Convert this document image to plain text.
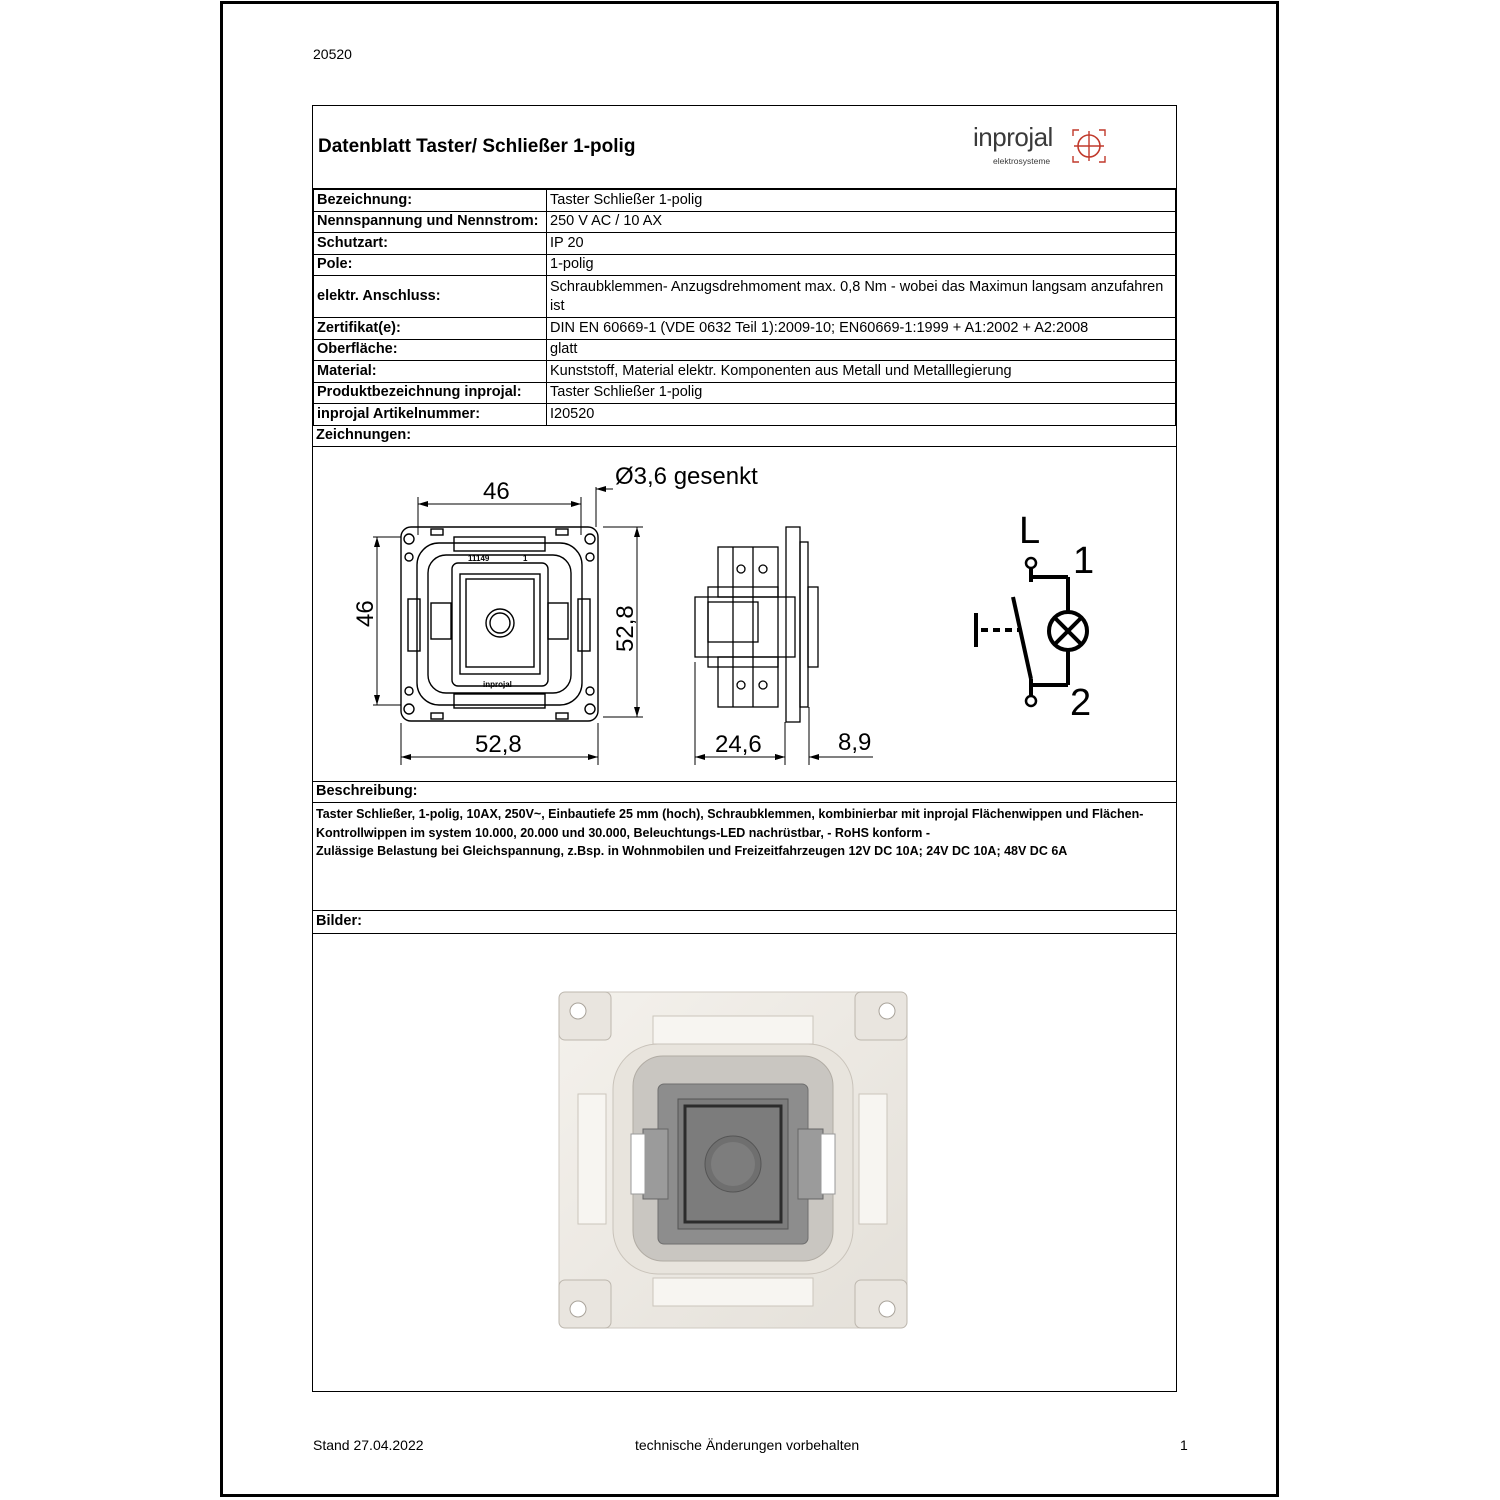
20520
Datenblatt Taster/ Schließer 1-polig	inprojal
elektrosysteme
Bezeichnung:	Taster Schließer 1-polig
Nennspannung und Nennstrom:	250 V AC / 10 AX
Schutzart:	IP 20
Pole:	1-polig
elektr. Anschluss:	Schraubklemmen- Anzugsdrehmoment max. 0,8 Nm - wobei das Maximun langsam anzufahren ist
Zertifikat(e):	DIN EN 60669-1 (VDE 0632 Teil 1):2009-10; EN60669-1:1999 + A1:2002 + A2:2008
Oberfläche:	glatt
Material:	Kunststoff, Material elektr. Komponenten aus Metall und Metalllegierung
Produktbezeichnung inprojal:	Taster Schließer 1-polig
inprojal Artikelnummer:	I20520
Zeichnungen:
11149	1
inprojal
46
Ø3,6 gesenkt
46	52,8
52,8	24,6	8,9
L
1
2
Beschreibung:
Taster Schließer, 1-polig, 10AX, 250V~, Einbautiefe 25 mm (hoch), Schraubklemmen, kombinierbar mit inprojal Flächenwippen und Flächen-
Kontrollwippen im system 10.000, 20.000 und 30.000, Beleuchtungs-LED nachrüstbar, - RoHS konform -
Zulässige Belastung bei Gleichspannung, z.Bsp. in Wohnmobilen und Freizeitfahrzeugen 12V DC 10A; 24V DC 10A; 48V DC 6A
Bilder:
Stand 27.04.2022	technische Änderungen vorbehalten	1
